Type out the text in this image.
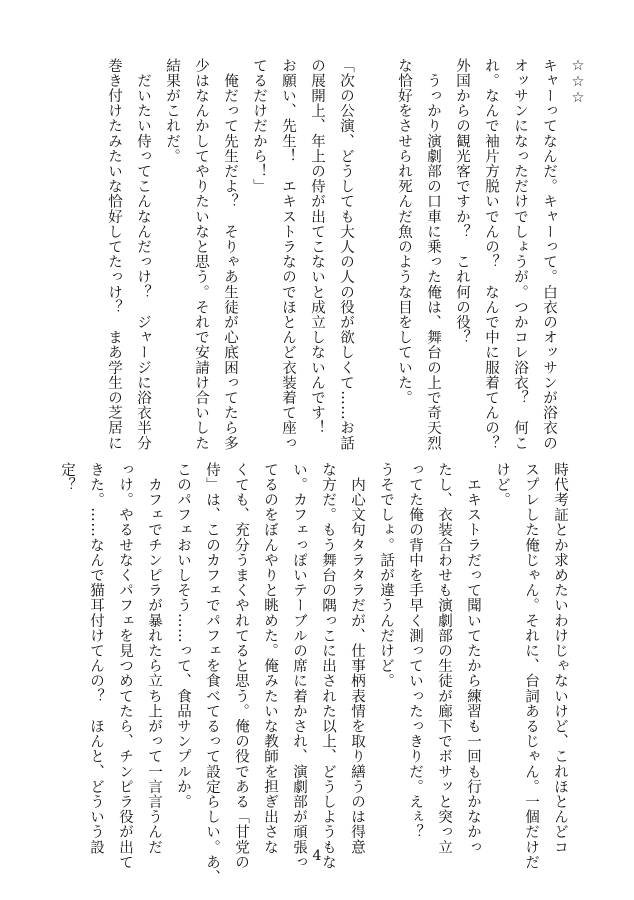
☆☆☆

キャーってなんだ。キャーって。白衣のオッサンが浴衣の

オッサンになっただけでしょうが。つかコレ浴衣？　何こ

れ。なんで袖片方脱いでんの？　なんで中に服着てんの？

外国からの観光客ですか？　これ何の役？

　うっかり演劇部の口車に乗った俺は、舞台の上で奇天烈

な恰好をさせられ死んだ魚のような目をしていた。

「次の公演、どうしても大人の人の役が欲しくて……お話

の展開上、年上の侍が出てこないと成立しないんです！

お願い、先生！　エキストラなのでほとんど衣装着て座っ

てるだけだから！」

　俺だって先生だよ？　そりゃあ生徒が心底困ってたら多

少はなんかしてやりたいなと思う。それで安請け合いした

結果がこれだ。

　だいたい侍ってこんなんだっけ？　ジャージに浴衣半分

巻き付けたみたいな恰好してたっけ？　まあ学生の芝居に

時代考証とか求めたいわけじゃないけど、これほとんどコ

スプレした俺じゃん。それに、台詞あるじゃん。一個だけだ

けど。

　エキストラだって聞いてたから練習も一回も行かなかっ

たし、衣装合わせも演劇部の生徒が廊下でボサッと突っ立

ってた俺の背中を手早く測っていったっきりだ。えぇ？

うそでしょ。話が違うんだけど。

　内心文句タラタラだが、仕事柄表情を取り繕うのは得意

な方だ。もう舞台の隅っこに出された以上、どうしようもな

い。カフェっぽいテーブルの席に着かされ、演劇部が頑張っ

てるのをぼんやりと眺めた。俺みたいな教師を担ぎ出さな

くても、充分うまくやれてると思う。俺の役である「甘党の

侍」は、このカフェでパフェを食べてるって設定らしい。あ、

このパフェおいしそう……って、食品サンプルか。

　カフェでチンピラが暴れたら立ち上がって一言言うんだ

っけ。やるせなくパフェを見つめてたら、チンピラ役が出て

きた。……なんで猫耳付けてんの？　ほんと、どういう設

定？

4
